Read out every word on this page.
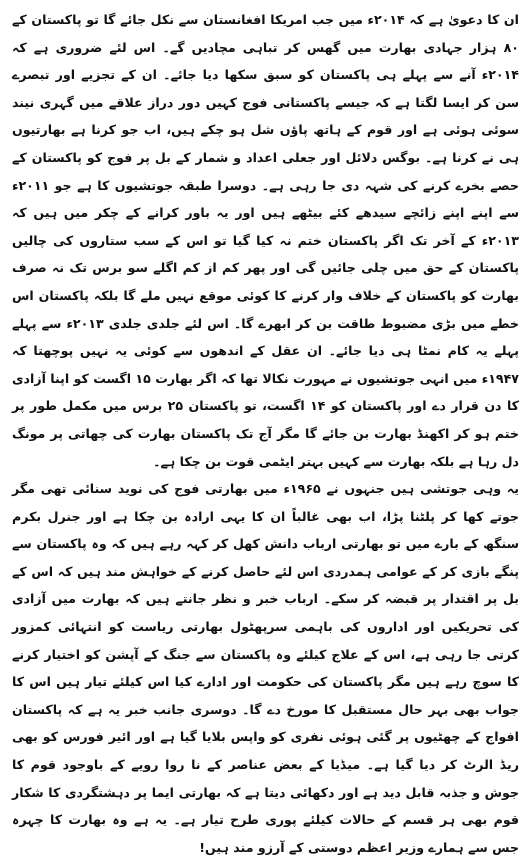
ان کا دعویٰ ہے کہ ۲۰۱۴ء میں جب امریکا افغانستان سے نکل جائے گا تو پاکستان کے ۸۰ ہزار جہادی بھارت میں گھس کر تباہی مچادیں گے۔ اس لئے ضروری ہے کہ ۲۰۱۴ء آنے سے پہلے ہی پاکستان کو سبق سکھا دیا جائے۔ ان کے تجزیے اور تبصرے سن کر ایسا لگتا ہے کہ جیسے پاکستانی فوج کہیں دور دراز علاقے میں گہری نیند سوئی ہوئی ہے اور قوم کے ہاتھ پاؤں شل ہو چکے ہیں، اب جو کرنا ہے بھارتیوں ہی نے کرنا ہے۔ بوگس دلائل اور جعلی اعداد و شمار کے بل پر فوج کو پاکستان کے حصے بخرے کرنے کی شہہ دی جا رہی ہے۔ دوسرا طبقہ جوتشیوں کا ہے جو ۲۰۱۱ء سے اپنے اپنے زائچے سیدھے کئے بیٹھے ہیں اور یہ باور کرانے کے چکر میں ہیں کہ ۲۰۱۳ء کے آخر تک اگر پاکستان ختم نہ کیا گیا تو اس کے سب ستاروں کی چالیں پاکستان کے حق میں چلی جائیں گی اور پھر کم از کم اگلے سو برس تک نہ صرف بھارت کو پاکستان کے خلاف وار کرنے کا کوئی موقع نہیں ملے گا بلکہ پاکستان اس خطے میں بڑی مضبوط طاقت بن کر ابھرے گا۔ اس لئے جلدی جلدی ۲۰۱۳ء سے پہلے پہلے یہ کام نمٹا ہی دیا جائے۔ ان عقل کے اندھوں سے کوئی یہ نہیں پوچھتا کہ ۱۹۴۷ء میں انہی جوتشیوں نے مہورت نکالا تھا کہ اگر بھارت ۱۵ اگست کو اپنا آزادی کا دن قرار دے اور پاکستان کو ۱۴ اگست، تو پاکستان ۲۵ برس میں مکمل طور پر ختم ہو کر اکھنڈ بھارت بن جائے گا مگر آج تک پاکستان بھارت کی چھاتی پر مونگ دل رہا ہے بلکہ بھارت سے کہیں بہتر ایٹمی قوت بن چکا ہے۔

یہ وہی جوتشی ہیں جنہوں نے ۱۹۶۵ء میں بھارتی فوج کی نوید سنائی تھی مگر جوتے کھا کر پلٹنا پڑا، اب بھی غالباً ان کا یہی ارادہ بن چکا ہے اور جنرل بکرم سنگھ کے بارے میں تو بھارتی ارباب دانش کھل کر کہہ رہے ہیں کہ وہ پاکستان سے پنگے بازی کر کے عوامی ہمدردی اس لئے حاصل کرنے کے خواہش مند ہیں کہ اس کے بل پر اقتدار پر قبضہ کر سکے۔ ارباب خبر و نظر جانتے ہیں کہ بھارت میں آزادی کی تحریکیں اور اداروں کی باہمی سرپھٹول بھارتی ریاست کو انتہائی کمزور کرتی جا رہی ہے، اس کے علاج کیلئے وہ پاکستان سے جنگ کے آپشن کو اختیار کرنے کا سوچ رہے ہیں مگر پاکستان کی حکومت اور ادارے کیا اس کیلئے تیار ہیں اس کا جواب بھی بہر حال مستقبل کا مورخ دے گا۔ دوسری جانب خبر یہ ہے کہ پاکستان افواج کے چھٹیوں پر گئی ہوئی نفری کو واپس بلایا گیا ہے اور ائیر فورس کو بھی ریڈ الرٹ کر دیا گیا ہے۔ میڈیا کے بعض عناصر کے نا روا رویے کے باوجود قوم کا جوش و جذبہ قابل دید ہے اور دکھائی دیتا ہے کہ بھارتی ایما پر دہشتگردی کا شکار قوم بھی ہر قسم کے حالات کیلئے پوری طرح تیار ہے۔ یہ ہے وہ بھارت کا چہرہ جس سے ہمارے وزیر اعظم دوستی کے آرزو مند ہیں!
